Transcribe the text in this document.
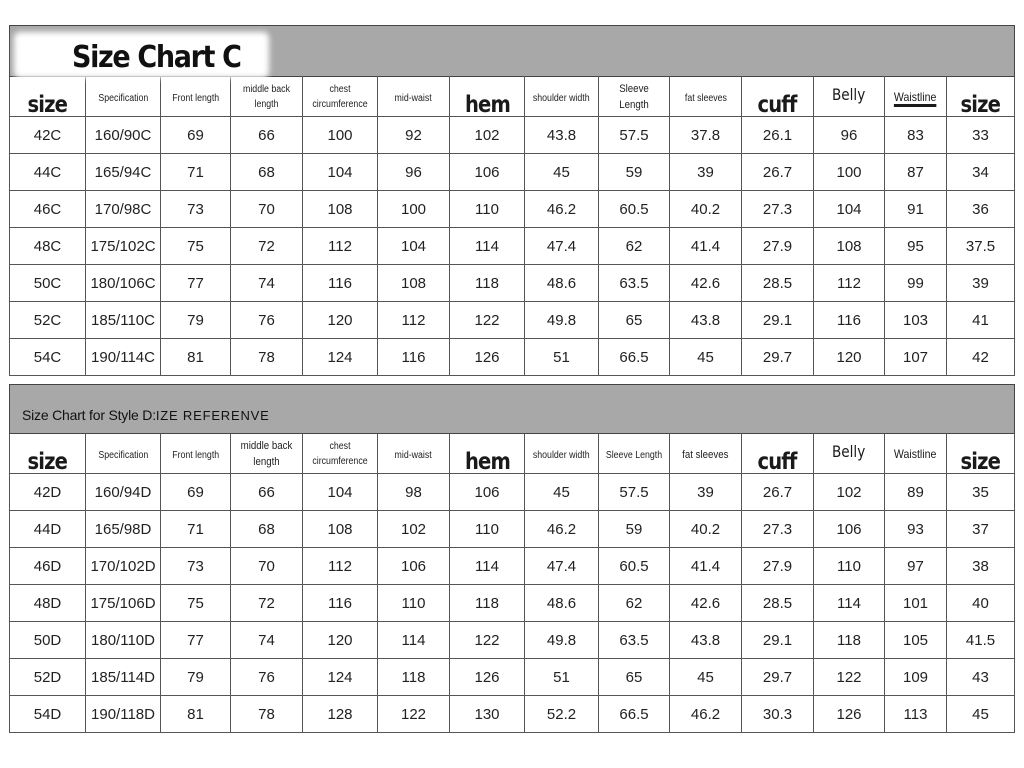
Size Chart C
size	Specification	Front length	middle back length	chest circumference	mid-waist	hem	shoulder width	Sleeve Length	fat sleeves	cuff	Belly	Waistline	size
42C	160/90C	69	66	100	92	102	43.8	57.5	37.8	26.1	96	83	33
44C	165/94C	71	68	104	96	106	45	59	39	26.7	100	87	34
46C	170/98C	73	70	108	100	110	46.2	60.5	40.2	27.3	104	91	36
48C	175/102C	75	72	112	104	114	47.4	62	41.4	27.9	108	95	37.5
50C	180/106C	77	74	116	108	118	48.6	63.5	42.6	28.5	112	99	39
52C	185/110C	79	76	120	112	122	49.8	65	43.8	29.1	116	103	41
54C	190/114C	81	78	124	116	126	51	66.5	45	29.7	120	107	42
Size Chart for Style D:IZE REFERENVE
size	Specification	Front length	middle back length	chest circumference	mid-waist	hem	shoulder width	Sleeve Length	fat sleeves	cuff	Belly	Waistline	size
42D	160/94D	69	66	104	98	106	45	57.5	39	26.7	102	89	35
44D	165/98D	71	68	108	102	110	46.2	59	40.2	27.3	106	93	37
46D	170/102D	73	70	112	106	114	47.4	60.5	41.4	27.9	110	97	38
48D	175/106D	75	72	116	110	118	48.6	62	42.6	28.5	114	101	40
50D	180/110D	77	74	120	114	122	49.8	63.5	43.8	29.1	118	105	41.5
52D	185/114D	79	76	124	118	126	51	65	45	29.7	122	109	43
54D	190/118D	81	78	128	122	130	52.2	66.5	46.2	30.3	126	113	45
